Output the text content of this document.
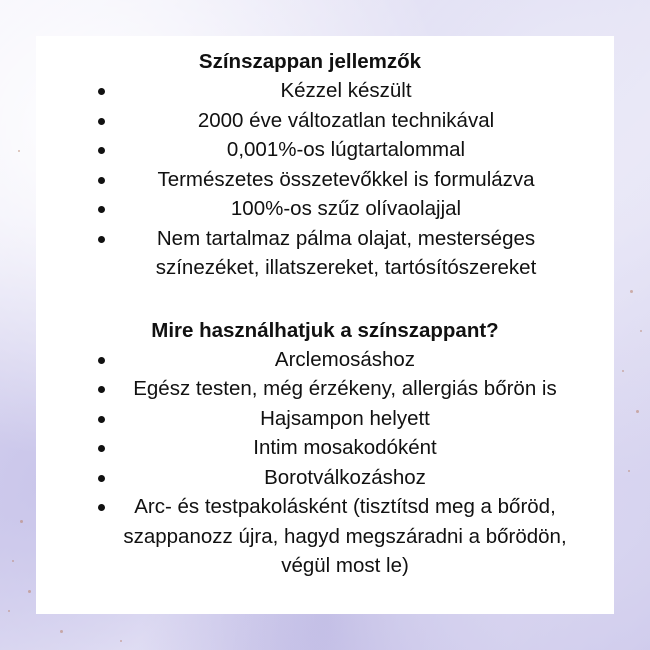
Színszappan jellemzők
Kézzel készült
2000 éve változatlan technikával
0,001%-os lúgtartalommal
Természetes összetevőkkel is formulázva
100%-os szűz olívaolajjal
Nem tartalmaz pálma olajat, mesterséges színezéket, illatszereket, tartósítószereket
Mire használhatjuk a színszappant?
Arclemosáshoz
Egész testen, még érzékeny, allergiás bőrön is
Hajsampon helyett
Intim mosakodóként
Borotválkozáshoz
Arc- és testpakolásként (tisztítsd meg a bőröd, szappanozz újra, hagyd megszáradni a bőrödön, végül most le)
